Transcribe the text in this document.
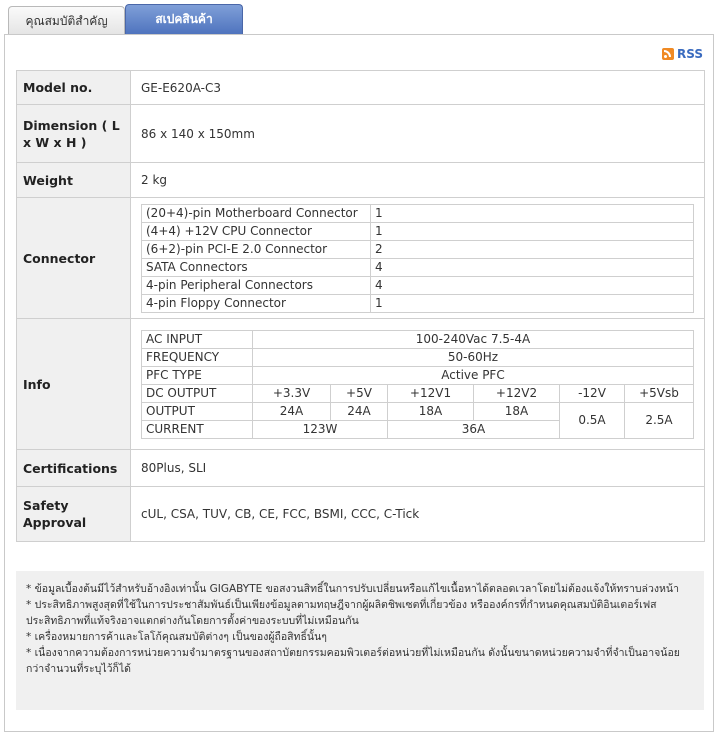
คุณสมบัติสำคัญ	สเปคสินค้า
RSS
Model no.	GE-E620A-C3
Dimension ( L x W x H )	86 x 140 x 150mm
Weight	2 kg
Connector	
(20+4)-pin Motherboard Connector	1
(4+4) +12V CPU Connector	1
(6+2)-pin PCI-E 2.0 Connector	2
SATA Connectors	4
4-pin Peripheral Connectors	4
4-pin Floppy Connector	1

Info	
AC INPUT	100-240Vac 7.5-4A
FREQUENCY	50-60Hz
PFC TYPE	Active PFC
DC OUTPUT	+3.3V	+5V	+12V1	+12V2	-12V	+5Vsb
OUTPUT	24A	24A	18A	18A	0.5A	2.5A
CURRENT	123W	36A

Certifications	80Plus, SLI
Safety Approval	cUL, CSA, TUV, CB, CE, FCC, BSMI, CCC, C-Tick
* ข้อมูลเบื้องต้นมีไว้สำหรับอ้างอิงเท่านั้น GIGABYTE ขอสงวนสิทธิ์ในการปรับเปลี่ยนหรือแก้ไขเนื้อหาได้ตลอดเวลาโดยไม่ต้องแจ้งให้ทราบล่วงหน้า
* ประสิทธิภาพสูงสุดที่ใช้ในการประชาสัมพันธ์เป็นเพียงข้อมูลตามทฤษฎีจากผู้ผลิตชิพเซตที่เกี่ยวข้อง หรือองค์กรที่กำหนดคุณสมบัติอินเตอร์เฟส ประสิทธิภาพที่แท้จริงอาจแตกต่างกันโดยการตั้งค่าของระบบที่ไม่เหมือนกัน
* เครื่องหมายการค้าและโลโก้คุณสมบัติต่างๆ เป็นของผู้ถือสิทธิ์นั้นๆ
* เนื่องจากความต้องการหน่วยความจำมาตรฐานของสถาบัตยกรรมคอมพิวเตอร์ต่อหน่วยที่ไม่เหมือนกัน ดังนั้นขนาดหน่วยความจำที่จำเป็นอาจน้อยกว่าจำนวนที่ระบุไว้ก็ได้
